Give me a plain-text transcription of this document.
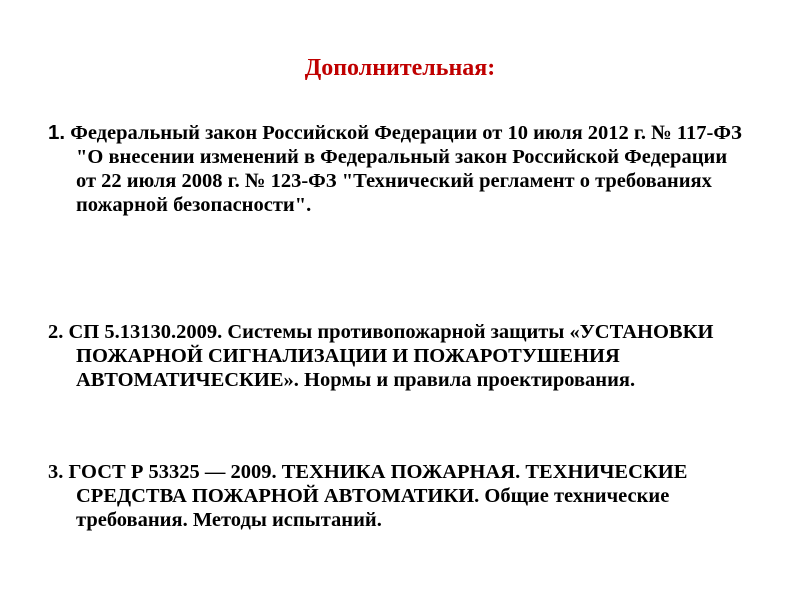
Дополнительная:
1. Федеральный закон Российской Федерации от 10 июля 2012 г. № 117-ФЗ "О внесении изменений в Федеральный закон Российской Федерации от 22 июля 2008 г. № 123-ФЗ "Технический регламент о требованиях пожарной безопасности".
2. СП 5.13130.2009. Системы противопожарной защиты «УСТАНОВКИ ПОЖАРНОЙ СИГНАЛИЗАЦИИ И ПОЖАРОТУШЕНИЯ АВТОМАТИЧЕСКИЕ». Нормы и правила проектирования.
3. ГОСТ Р 53325 — 2009. ТЕХНИКА ПОЖАРНАЯ. ТЕХНИЧЕСКИЕ СРЕДСТВА ПОЖАРНОЙ АВТОМАТИКИ. Общие технические требования. Методы испытаний.
